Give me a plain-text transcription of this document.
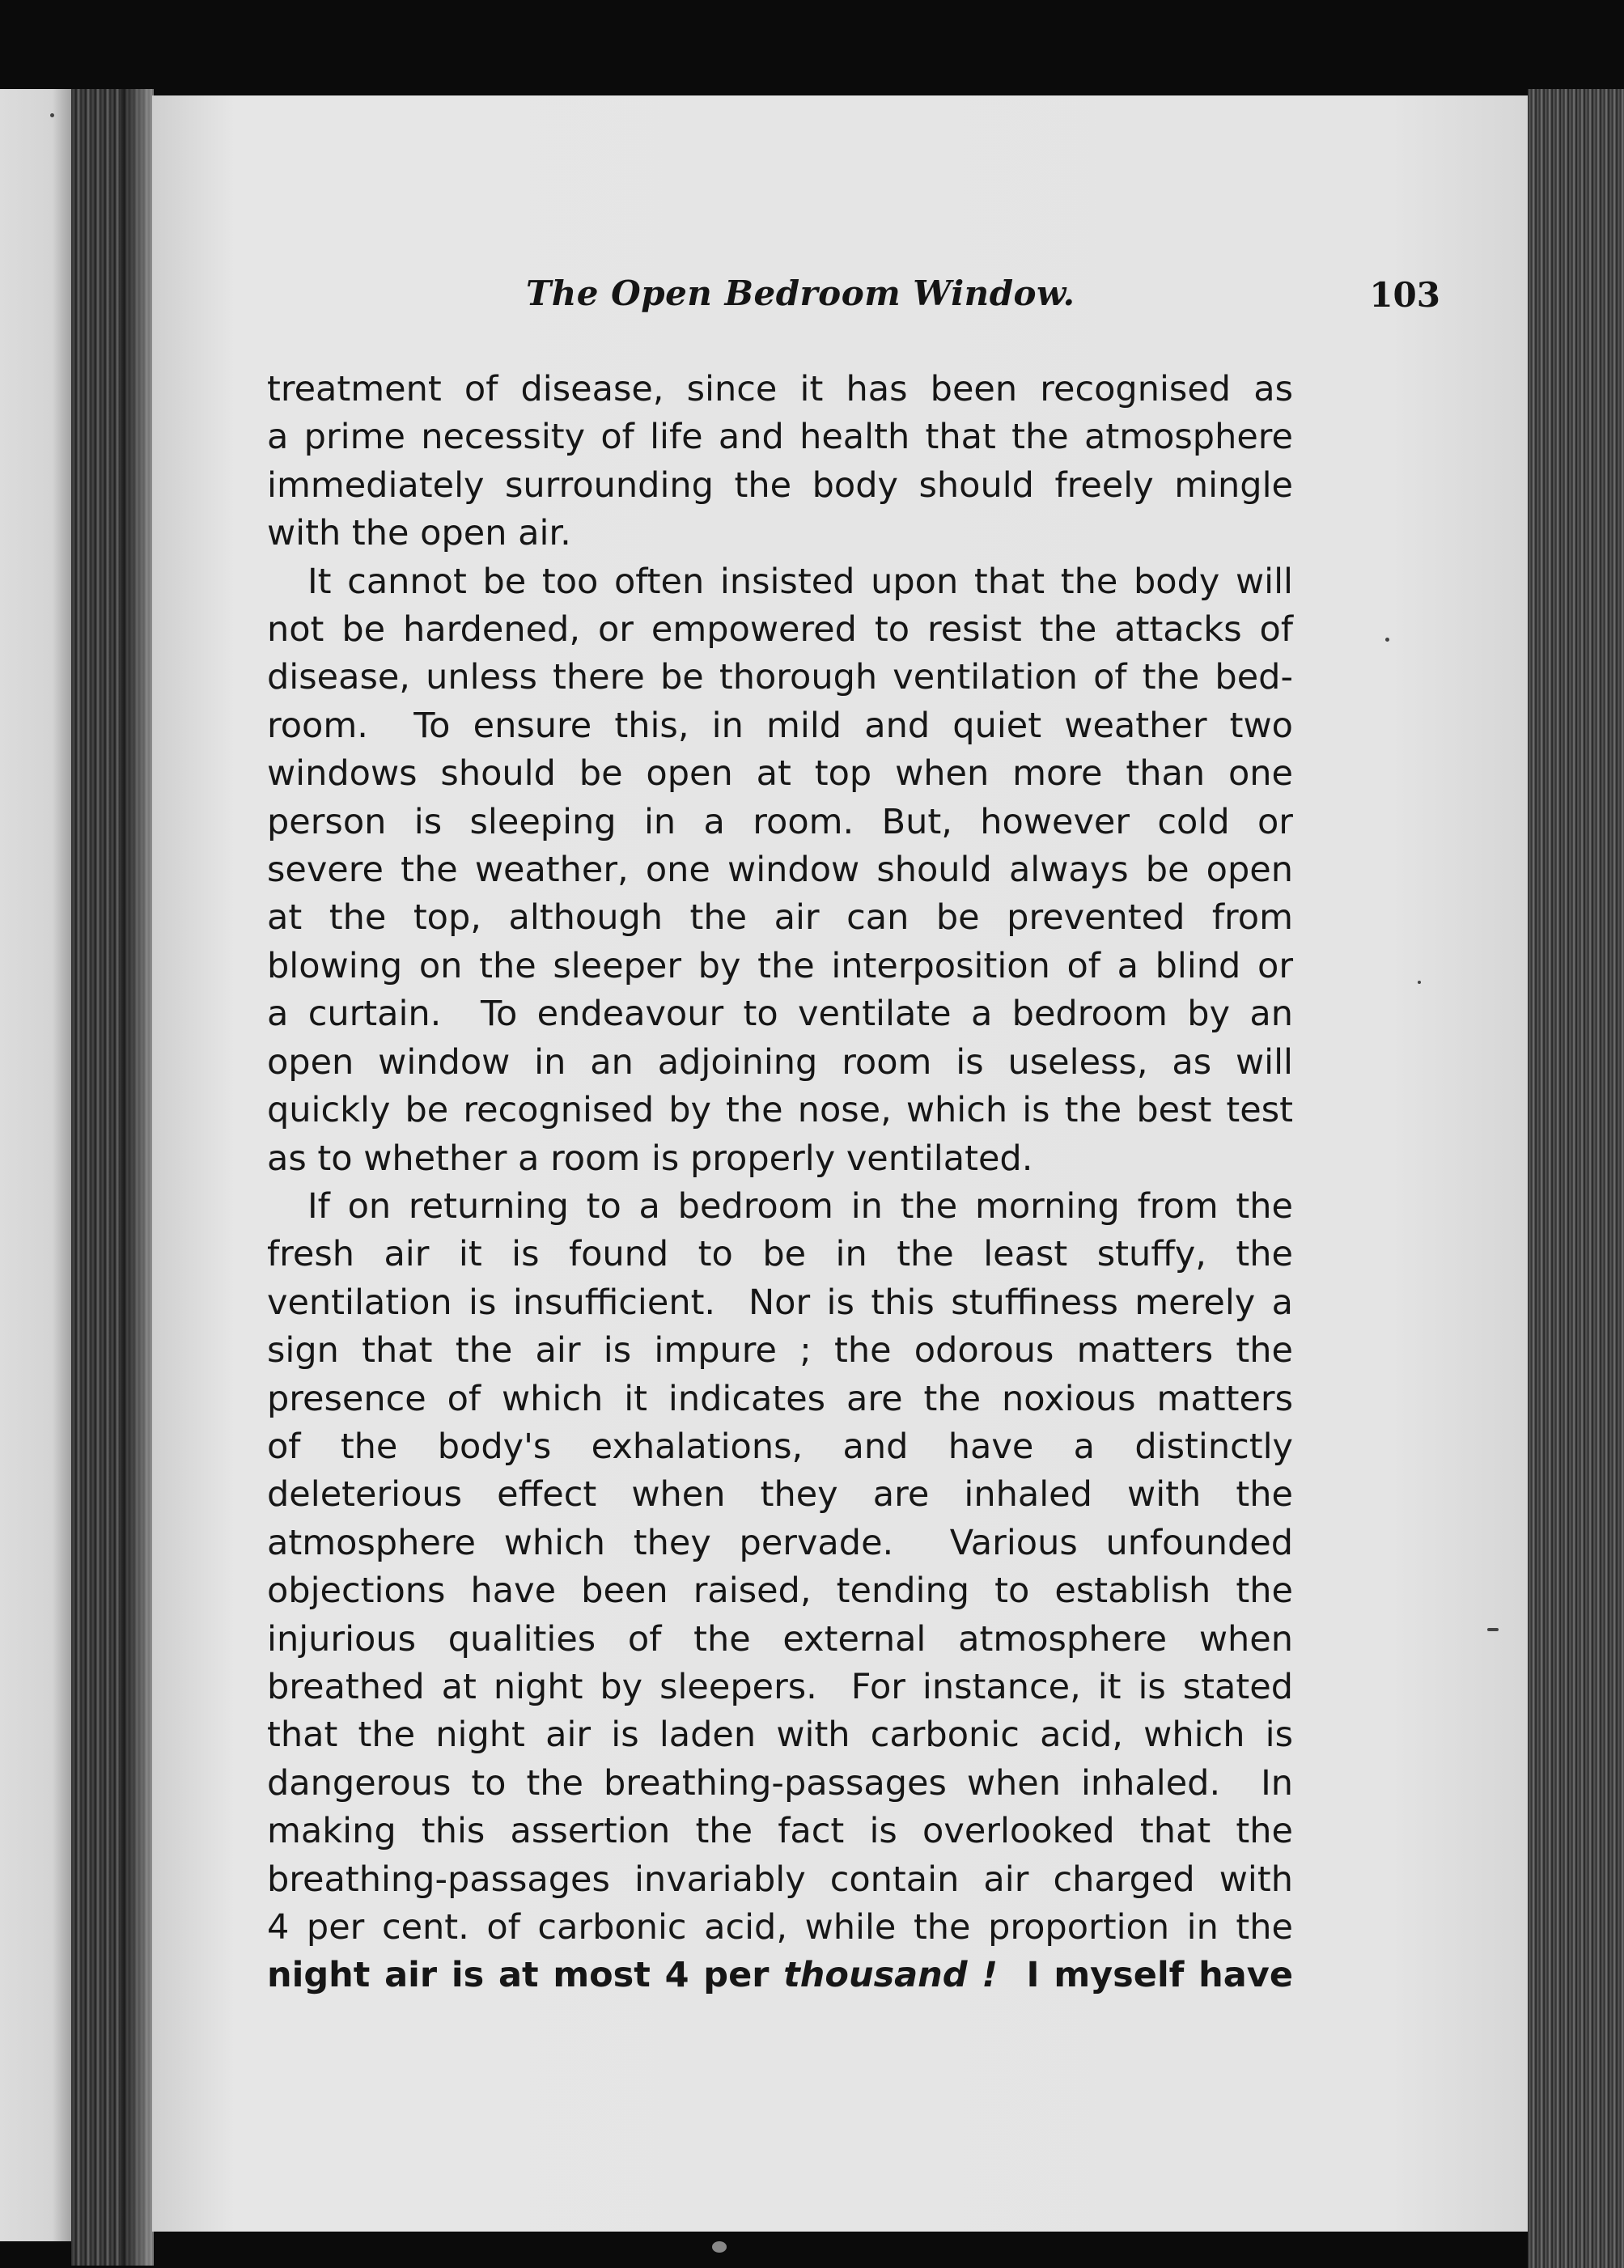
The Open Bedroom Window.	103
treatment of disease, since it has been recognised as
a prime necessity of life and health that the atmosphere
immediately surrounding the body should freely mingle
with the open air.
It cannot be too often insisted upon that the body will
not be hardened, or empowered to resist the attacks of
disease, unless there be thorough ventilation of the bed-
room.  To ensure this, in mild and quiet weather two
windows should be open at top when more than one
person is sleeping in a room. But, however cold or
severe the weather, one window should always be open
at the top, although the air can be prevented from
blowing on the sleeper by the interposition of a blind or
a curtain.  To endeavour to ventilate a bedroom by an
open window in an adjoining room is useless, as will
quickly be recognised by the nose, which is the best test
as to whether a room is properly ventilated.
If on returning to a bedroom in the morning from the
fresh air it is found to be in the least stuffy, the
ventilation is insufficient.  Nor is this stuffiness merely a
sign that the air is impure ; the odorous matters the
presence of which it indicates are the noxious matters
of the body's exhalations, and have a distinctly
deleterious effect when they are inhaled with the
atmosphere which they pervade.  Various unfounded
objections have been raised, tending to establish the
injurious qualities of the external atmosphere when
breathed at night by sleepers.  For instance, it is stated
that the night air is laden with carbonic acid, which is
dangerous to the breathing-passages when inhaled.  In
making this assertion the fact is overlooked that the
breathing-passages invariably contain air charged with
4 per cent. of carbonic acid, while the proportion in the
night air is at most 4 per thousand !  I myself have
